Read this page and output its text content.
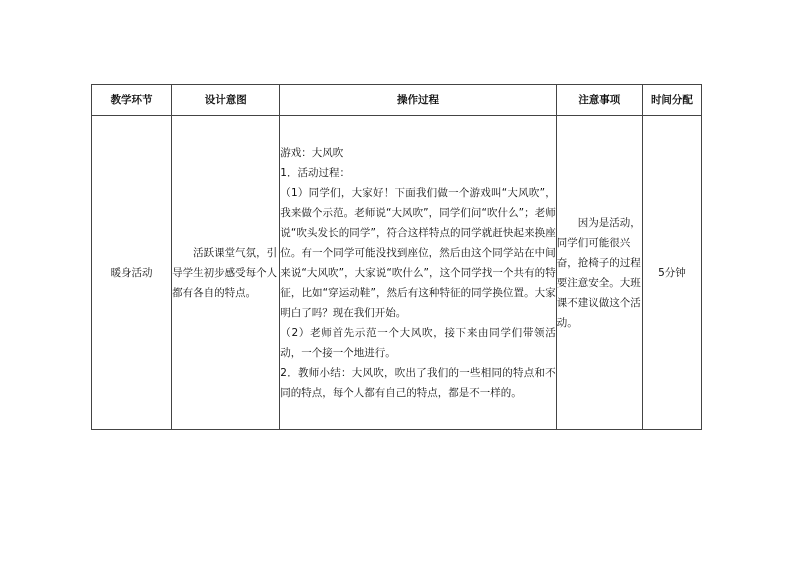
教学环节	设计意图	操作过程	注意事项	时间分配
暖身活动	活跃课堂气氛，引导学生初步感受每个人都有各自的特点。	游戏：大风吹

1．活动过程：

（1）同学们，大家好！下面我们做一个游戏叫“大风吹”，我来做个示范。老师说“大风吹”，同学们问“吹什么”；老师说“吹头发长的同学”，符合这样特点的同学就赶快起来换座位。有一个同学可能没找到座位，然后由这个同学站在中间来说“大风吹”，大家说“吹什么”，这个同学找一个共有的特征，比如“穿运动鞋”，然后有这种特征的同学换位置。大家明白了吗？现在我们开始。

（2）老师首先示范一个大风吹，接下来由同学们带领活动，一个接一个地进行。

2．教师小结：大风吹，吹出了我们的一些相同的特点和不同的特点，每个人都有自己的特点，都是不一样的。	因为是活动，同学们可能很兴奋，抢椅子的过程要注意安全。大班课不建议做这个活动。	5分钟
